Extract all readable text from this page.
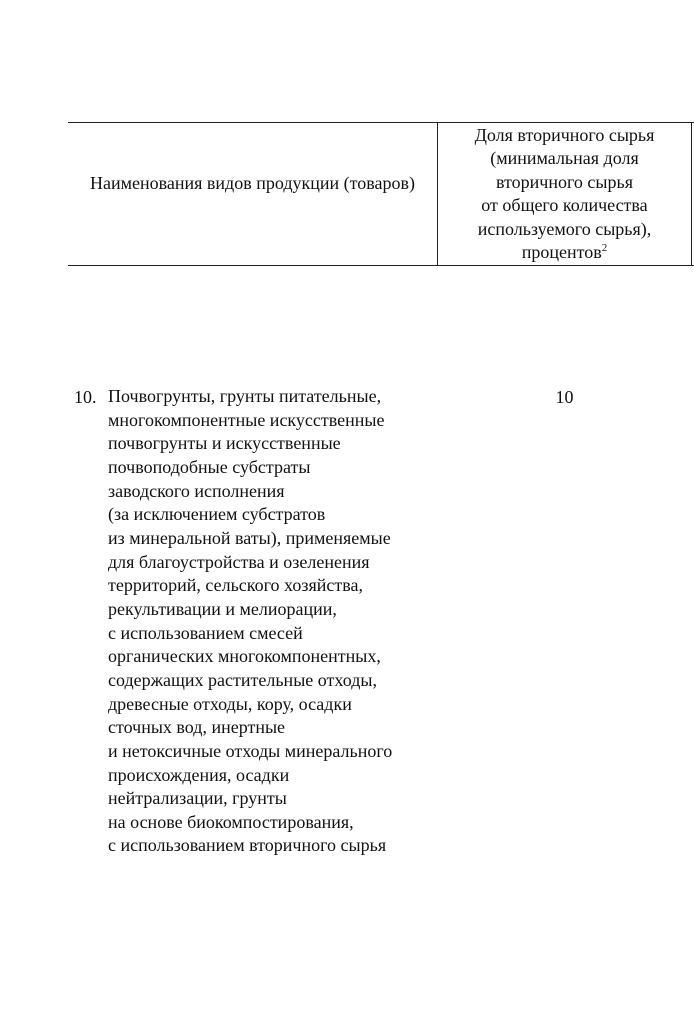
Наименования видов продукции (товаров)
Доля вторичного сырья
(минимальная доля
вторичного сырья
от общего количества
используемого сырья),
процентов$^2$
10. Почвогрунты, грунты питательные,
многокомпонентные искусственные
почвогрунты и искусственные
почвоподобные субстраты
заводского исполнения
(за исключением субстратов
из минеральной ваты), применяемые
для благоустройства и озеленения
территорий, сельского хозяйства,
рекультивации и мелиорации,
с использованием смесей
органических многокомпонентных,
содержащих растительные отходы,
древесные отходы, кору, осадки
сточных вод, инертные
и нетоксичные отходы минерального
происхождения, осадки
нейтрализации, грунты
на основе биокомпостирования,
с использованием вторичного сырья
10
